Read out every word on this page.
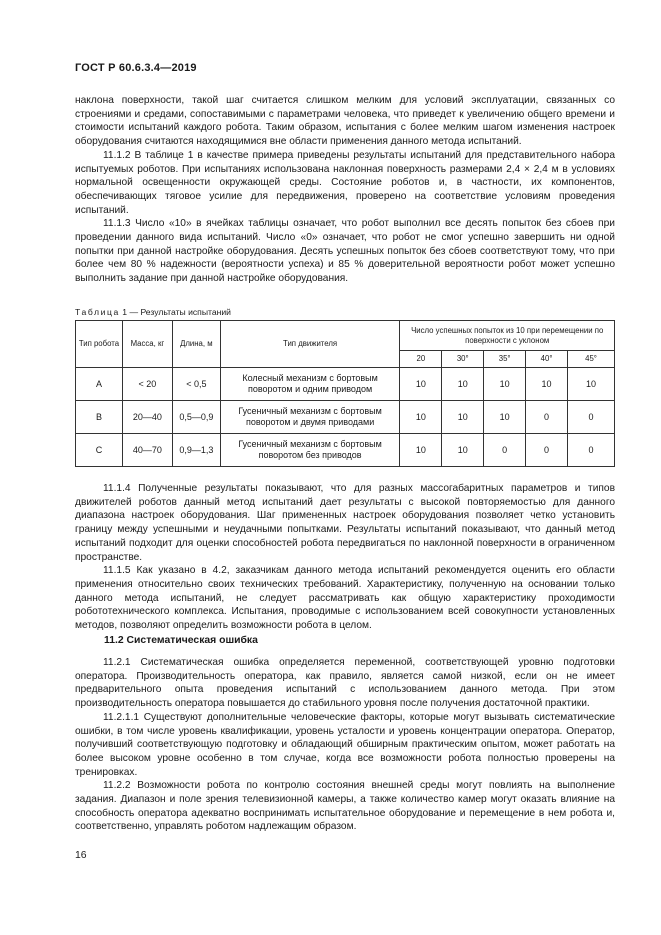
ГОСТ Р 60.6.3.4—2019

наклона поверхности, такой шаг считается слишком мелким для условий эксплуатации, связанных со строениями и средами, сопоставимыми с параметрами человека, что приведет к увеличению общего времени и стоимости испытаний каждого робота. Таким образом, испытания с более мелким шагом изменения настроек оборудования считаются находящимися вне области применения данного метода испытаний.

11.1.2 В таблице 1 в качестве примера приведены результаты испытаний для представительного набора испытуемых роботов. При испытаниях использована наклонная поверхность размерами 2,4 × 2,4 м в условиях нормальной освещенности окружающей среды. Состояние роботов и, в частности, их компонентов, обеспечивающих тяговое усилие для передвижения, проверено на соответствие условиям проведения испытаний.

11.1.3 Число «10» в ячейках таблицы означает, что робот выполнил все десять попыток без сбоев при проведении данного вида испытаний. Число «0» означает, что робот не смог успешно завершить ни одной попытки при данной настройке оборудования. Десять успешных попыток без сбоев соответствуют тому, что при более чем 80 % надежности (вероятности успеха) и 85 % доверительной вероятности робот может успешно выполнить задание при данной настройке оборудования.

Таблица 1 — Результаты испытаний
Тип робота	Масса, кг	Длина, м	Тип движителя	Число успешных попыток из 10 при перемещении по поверхности с уклоном				
				20	30°	35°	40°	45°
A	< 20	< 0,5	Колесный механизм с бортовым поворотом и одним приводом	10	10	10	10	10
B	20—40	0,5—0,9	Гусеничный механизм с бортовым поворотом и двумя приводами	10	10	10	0	0
C	40—70	0,9—1,3	Гусеничный механизм с бортовым поворотом без приводов	10	10	0	0	0

11.1.4 Полученные результаты показывают, что для разных массогабаритных параметров и типов движителей роботов данный метод испытаний дает результаты с высокой повторяемостью для данного диапазона настроек оборудования. Шаг примененных настроек оборудования позволяет четко установить границу между успешными и неудачными попытками. Результаты испытаний показывают, что данный метод испытаний подходит для оценки способностей робота передвигаться по наклонной поверхности в ограниченном пространстве.

11.1.5 Как указано в 4.2, заказчикам данного метода испытаний рекомендуется оценить его области применения относительно своих технических требований. Характеристику, полученную на основании только данного метода испытаний, не следует рассматривать как общую характеристику проходимости робототехнического комплекса. Испытания, проводимые с использованием всей совокупности установленных методов, позволяют определить возможности робота в целом.

11.2 Систематическая ошибка

11.2.1 Систематическая ошибка определяется переменной, соответствующей уровню подготовки оператора. Производительность оператора, как правило, является самой низкой, если он не имеет предварительного опыта проведения испытаний с использованием данного метода. При этом производительность оператора повышается до стабильного уровня после получения достаточной практики.

11.2.1.1 Существуют дополнительные человеческие факторы, которые могут вызывать систематические ошибки, в том числе уровень квалификации, уровень усталости и уровень концентрации оператора. Оператор, получивший соответствующую подготовку и обладающий обширным практическим опытом, может работать на более высоком уровне особенно в том случае, когда все возможности робота полностью проверены на тренировках.

11.2.2 Возможности робота по контролю состояния внешней среды могут повлиять на выполнение задания. Диапазон и поле зрения телевизионной камеры, а также количество камер могут оказать влияние на способность оператора адекватно воспринимать испытательное оборудование и перемещение в нем робота и, соответственно, управлять роботом надлежащим образом.

16
